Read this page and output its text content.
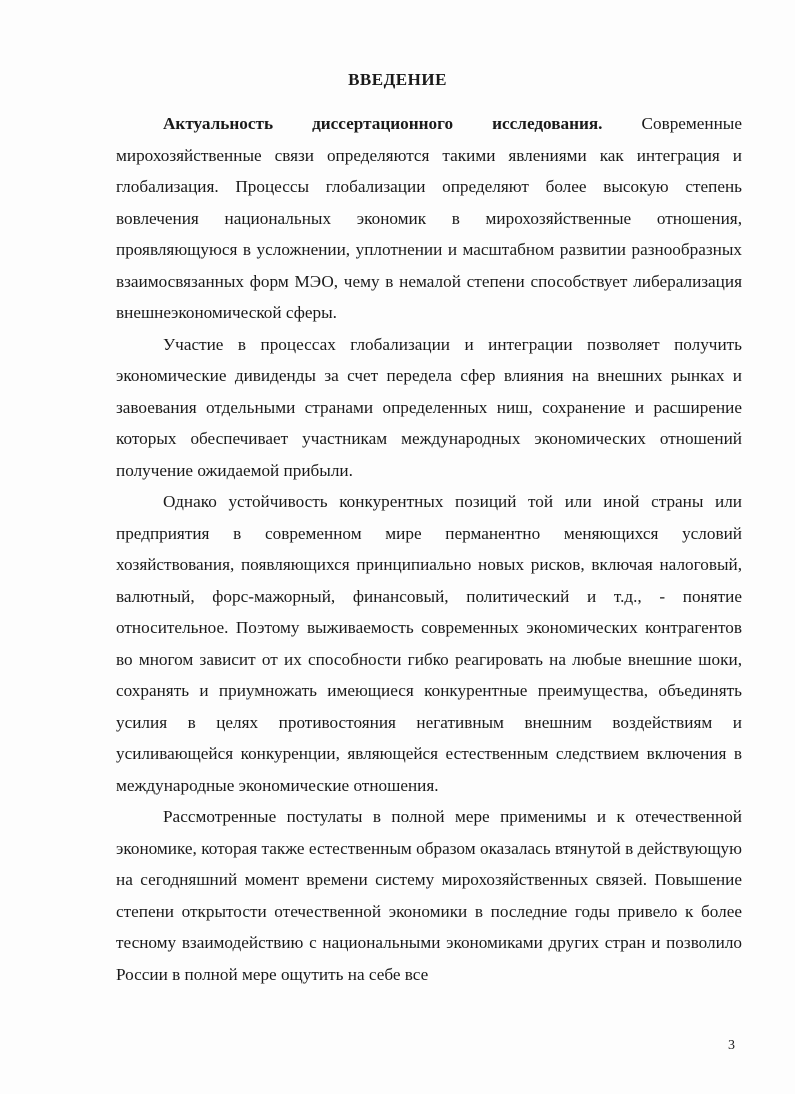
ВВЕДЕНИЕ

Актуальность диссертационного исследования. Современные мирохозяйственные связи определяются такими явлениями как интеграция и глобализация. Процессы глобализации определяют более высокую степень вовлечения национальных экономик в мирохозяйственные отношения, проявляющуюся в усложнении, уплотнении и масштабном развитии разнообразных взаимосвязанных форм МЭО, чему в немалой степени способствует либерализация внешнеэкономической сферы.

Участие в процессах глобализации и интеграции позволяет получить экономические дивиденды за счет передела сфер влияния на внешних рынках и завоевания отдельными странами определенных ниш, сохранение и расширение которых обеспечивает участникам международных экономических отношений получение ожидаемой прибыли.

Однако устойчивость конкурентных позиций той или иной страны или предприятия в современном мире перманентно меняющихся условий хозяйствования, появляющихся принципиально новых рисков, включая налоговый, валютный, форс-мажорный, финансовый, политический и т.д., - понятие относительное. Поэтому выживаемость современных экономических контрагентов во многом зависит от их способности гибко реагировать на любые внешние шоки, сохранять и приумножать имеющиеся конкурентные преимущества, объединять усилия в целях противостояния негативным внешним воздействиям и усиливающейся конкуренции, являющейся естественным следствием включения в международные экономические отношения.

Рассмотренные постулаты в полной мере применимы и к отечественной экономике, которая также естественным образом оказалась втянутой в действующую на сегодняшний момент времени систему мирохозяйственных связей. Повышение степени открытости отечественной экономики в последние годы привело к более тесному взаимодействию с национальными экономиками других стран и позволило России в полной мере ощутить на себе все

3
